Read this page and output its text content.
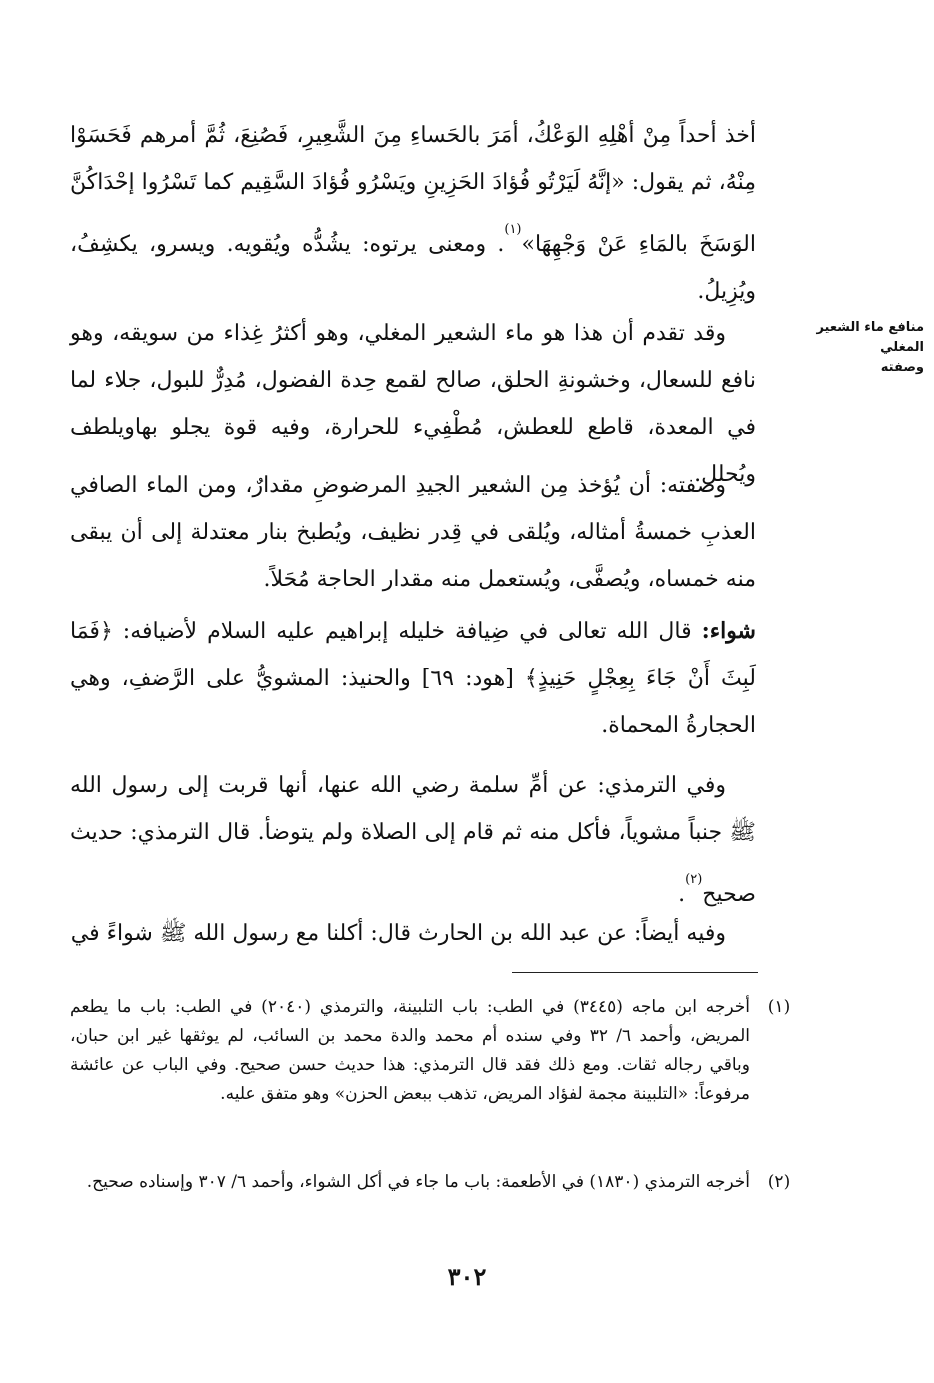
أخذ أحداً مِنْ أهْلِهِ الوَعْكُ، أمَرَ بالحَساءِ مِنَ الشَّعِيرِ، فَصُنِعَ، ثُمَّ أمرهم فَحَسَوْا مِنْهُ، ثم يقول: «إنَّهُ لَيَرْتُو فُؤادَ الحَزِينِ ويَسْرُو فُؤادَ السَّقِيم كما تَسْرُوا إحْدَاكُنَّ الوَسَخَ بالمَاءِ عَنْ وَجْهِهَا»$^{(١)}$. ومعنى يرتوه: يشُدُّه ويُقويه. ويسرو، يكشِفُ، ويُزِيلُ.

منافع ماء الشعير المغلي
وصفته

وقد تقدم أن هذا هو ماء الشعير المغلي، وهو أكثرُ غِذاء من سويقه، وهو نافع للسعال، وخشونةِ الحلق، صالح لقمع حِدة الفضول، مُدِرٌّ للبول، جلاء لما في المعدة، قاطع للعطش، مُطْفِيء للحرارة، وفيه قوة يجلو بهاويلطف ويُحلل.

وصفته: أن يُؤخذ مِن الشعير الجيدِ المرضوضِ مقدارٌ، ومن الماء الصافي العذبِ خمسةُ أمثاله، ويُلقى في قِدر نظيف، ويُطبخ بنار معتدلة إلى أن يبقى منه خمساه، ويُصفَّى، ويُستعمل منه مقدار الحاجة مُحَلاً.

شواء: قال الله تعالى في ضِيافة خليله إبراهيم عليه السلام لأضيافه: ﴿فَمَا لَبِثَ أَنْ جَاءَ بِعِجْلٍ حَنِيذٍ﴾ [هود: ٦٩] والحنيذ: المشويُّ على الرَّضفِ، وهي الحجارةُ المحماة.

وفي الترمذي: عن أمِّ سلمة رضي الله عنها، أنها قربت إلى رسول الله ﷺ جنباً مشوياً، فأكل منه ثم قام إلى الصلاة ولم يتوضأ. قال الترمذي: حديث صحيح$^{(٢)}$.

وفيه أيضاً: عن عبد الله بن الحارث قال: أكلنا مع رسول الله ﷺ شواءً في

(١)
أخرجه ابن ماجه (٣٤٤٥) في الطب: باب التلبينة، والترمذي (٢٠٤٠) في الطب: باب ما يطعم المريض، وأحمد ٦/ ٣٢ وفي سنده أم محمد والدة محمد بن السائب، لم يوثقها غير ابن حبان، وباقي رجاله ثقات. ومع ذلك فقد قال الترمذي: هذا حديث حسن صحيح. وفي الباب عن عائشة مرفوعاً: «التلبينة مجمة لفؤاد المريض، تذهب ببعض الحزن» وهو متفق عليه.
(٢)
أخرجه الترمذي (١٨٣٠) في الأطعمة: باب ما جاء في أكل الشواء، وأحمد ٦/ ٣٠٧ وإسناده صحيح.
٣٠٢
